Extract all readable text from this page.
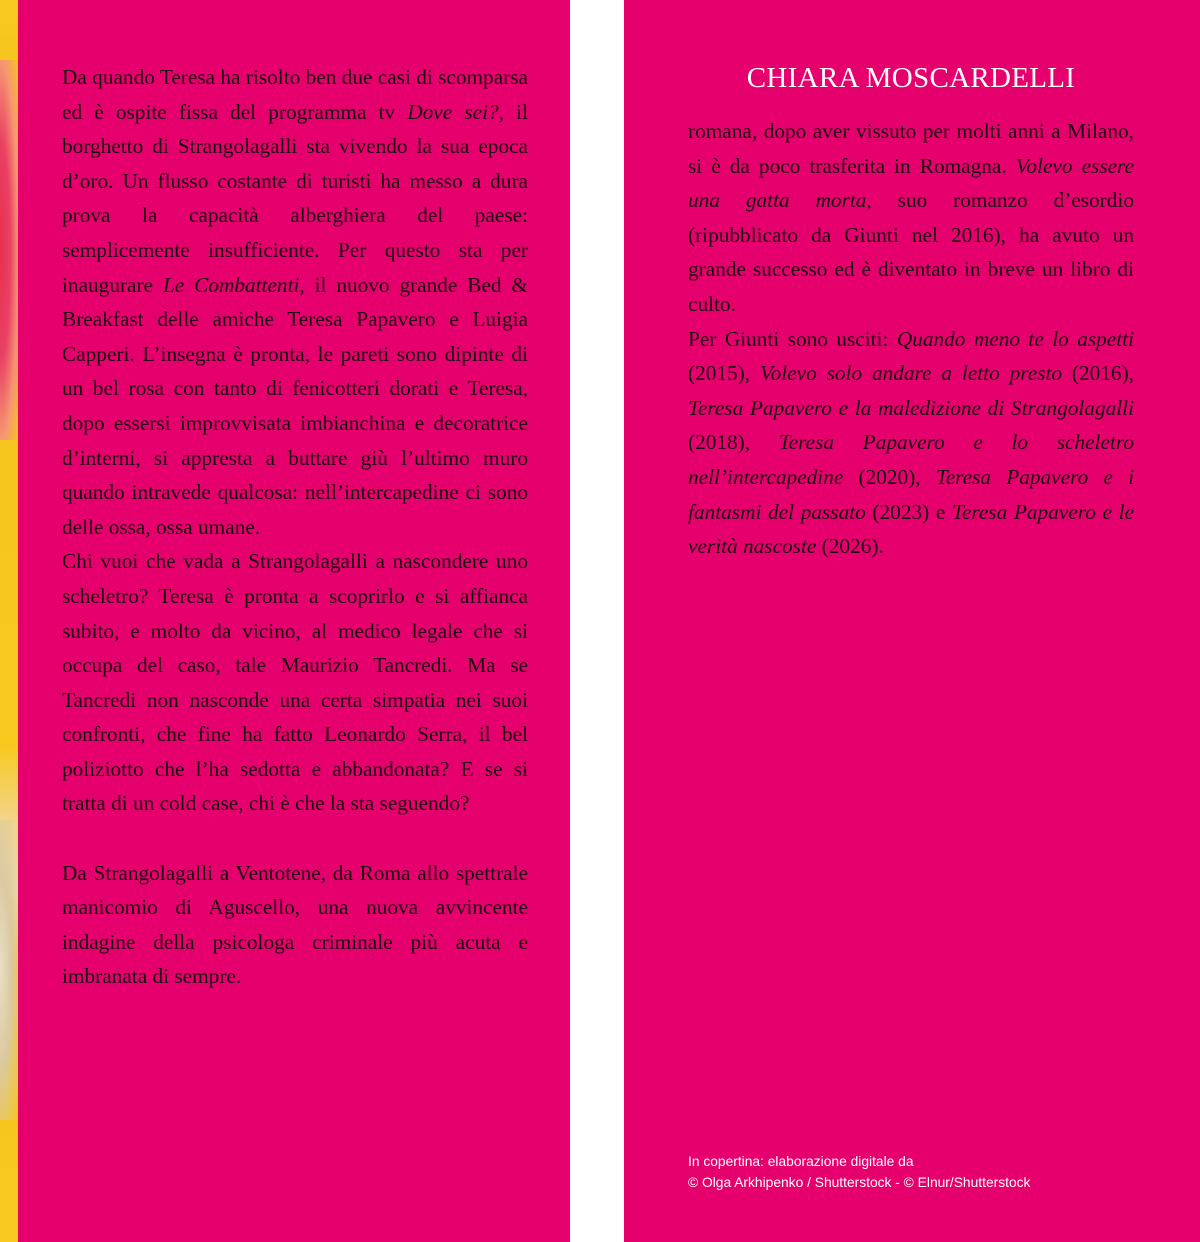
Da quando Teresa ha risolto ben due casi di scomparsa ed è ospite fissa del programma tv Dove sei?, il borghetto di Strangolagalli sta vivendo la sua epoca d’oro. Un flusso costante di turisti ha messo a dura prova la capacità alberghiera del paese: semplicemente insufficiente. Per questo sta per inaugurare Le Combattenti, il nuovo grande Bed & Breakfast delle amiche Teresa Papavero e Luigia Capperi. L’insegna è pronta, le pareti sono dipinte di un bel rosa con tanto di fenicotteri dorati e Teresa, dopo essersi improvvisata imbianchina e decoratrice d’interni, si appresta a buttare giù l’ultimo muro quando intravede qualcosa: nell’intercapedine ci sono delle ossa, ossa umane.

Chi vuoi che vada a Strangolagalli a nascondere uno scheletro? Teresa è pronta a scoprirlo e si affianca subito, e molto da vicino, al medico legale che si occupa del caso, tale Maurizio Tancredi. Ma se Tancredi non nasconde una certa simpatia nei suoi confronti, che fine ha fatto Leonardo Serra, il bel poliziotto che l’ha sedotta e abbandonata? E se si tratta di un cold case, chi è che la sta seguendo?

Da Strangolagalli a Ventotene, da Roma allo spettrale manicomio di Aguscello, una nuova avvincente indagine della psicologa criminale più acuta e imbranata di sempre.

CHIARA MOSCARDELLI

romana, dopo aver vissuto per molti anni a Milano, si è da poco trasferita in Romagna. Volevo essere una gatta morta, suo romanzo d’esordio (ripubblicato da Giunti nel 2016), ha avuto un grande successo ed è diventato in breve un libro di culto.

Per Giunti sono usciti: Quando meno te lo aspetti (2015), Volevo solo andare a letto presto (2016), Teresa Papavero e la maledizione di Strangolagalli (2018), Teresa Papavero e lo scheletro nell’intercapedine (2020), Teresa Papavero e i fantasmi del passato (2023) e Teresa Papavero e le verità nascoste (2026).

In copertina: elaborazione digitale da
© Olga Arkhipenko / Shutterstock - © Elnur/Shutterstock
